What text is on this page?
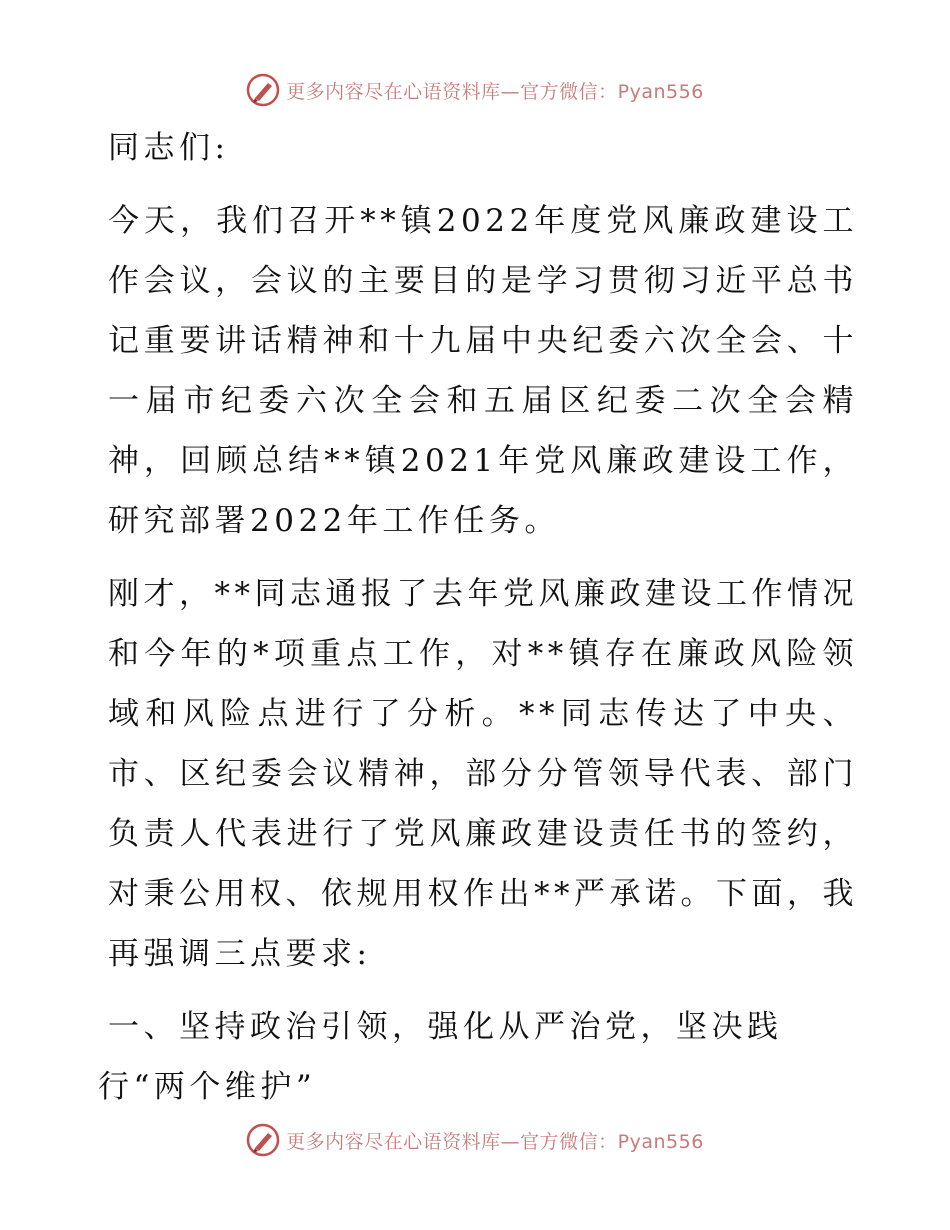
更多内容尽在心语资料库—官方微信：Pyan556

同志们:

今天，我们召开**镇2022年度党风廉政建设工作会议，会议的主要目的是学习贯彻习近平总书记重要讲话精神和十九届中央纪委六次全会、十一届市纪委六次全会和五届区纪委二次全会精神，回顾总结**镇2021年党风廉政建设工作，研究部署2022年工作任务。

刚才，**同志通报了去年党风廉政建设工作情况和今年的*项重点工作，对**镇存在廉政风险领域和风险点进行了分析。**同志传达了中央、市、区纪委会议精神，部分分管领导代表、部门负责人代表进行了党风廉政建设责任书的签约，对秉公用权、依规用权作出**严承诺。下面，我再强调三点要求:

一、坚持政治引领，强化从严治党，坚决践

行“两个维护”

更多内容尽在心语资料库—官方微信：Pyan556
